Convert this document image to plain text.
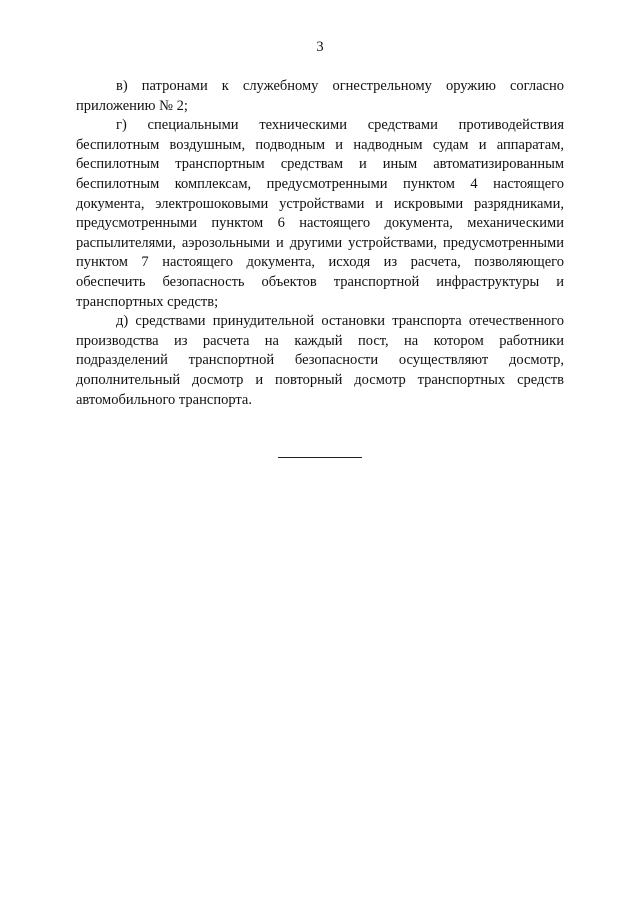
3

в) патронами к служебному огнестрельному оружию согласно приложению № 2;

г) специальными техническими средствами противодействия беспилотным воздушным, подводным и надводным судам и аппаратам, беспилотным транспортным средствам и иным автоматизированным беспилотным комплексам, предусмотренными пунктом 4 настоящего документа, электрошоковыми устройствами и искровыми разрядниками, предусмотренными пунктом 6 настоящего документа, механическими распылителями, аэрозольными и другими устройствами, предусмотренными пунктом 7 настоящего документа, исходя из расчета, позволяющего обеспечить безопасность объектов транспортной инфраструктуры и транспортных средств;

д) средствами принудительной остановки транспорта отечественного производства из расчета на каждый пост, на котором работники подразделений транспортной безопасности осуществляют досмотр, дополнительный досмотр и повторный досмотр транспортных средств автомобильного транспорта.
